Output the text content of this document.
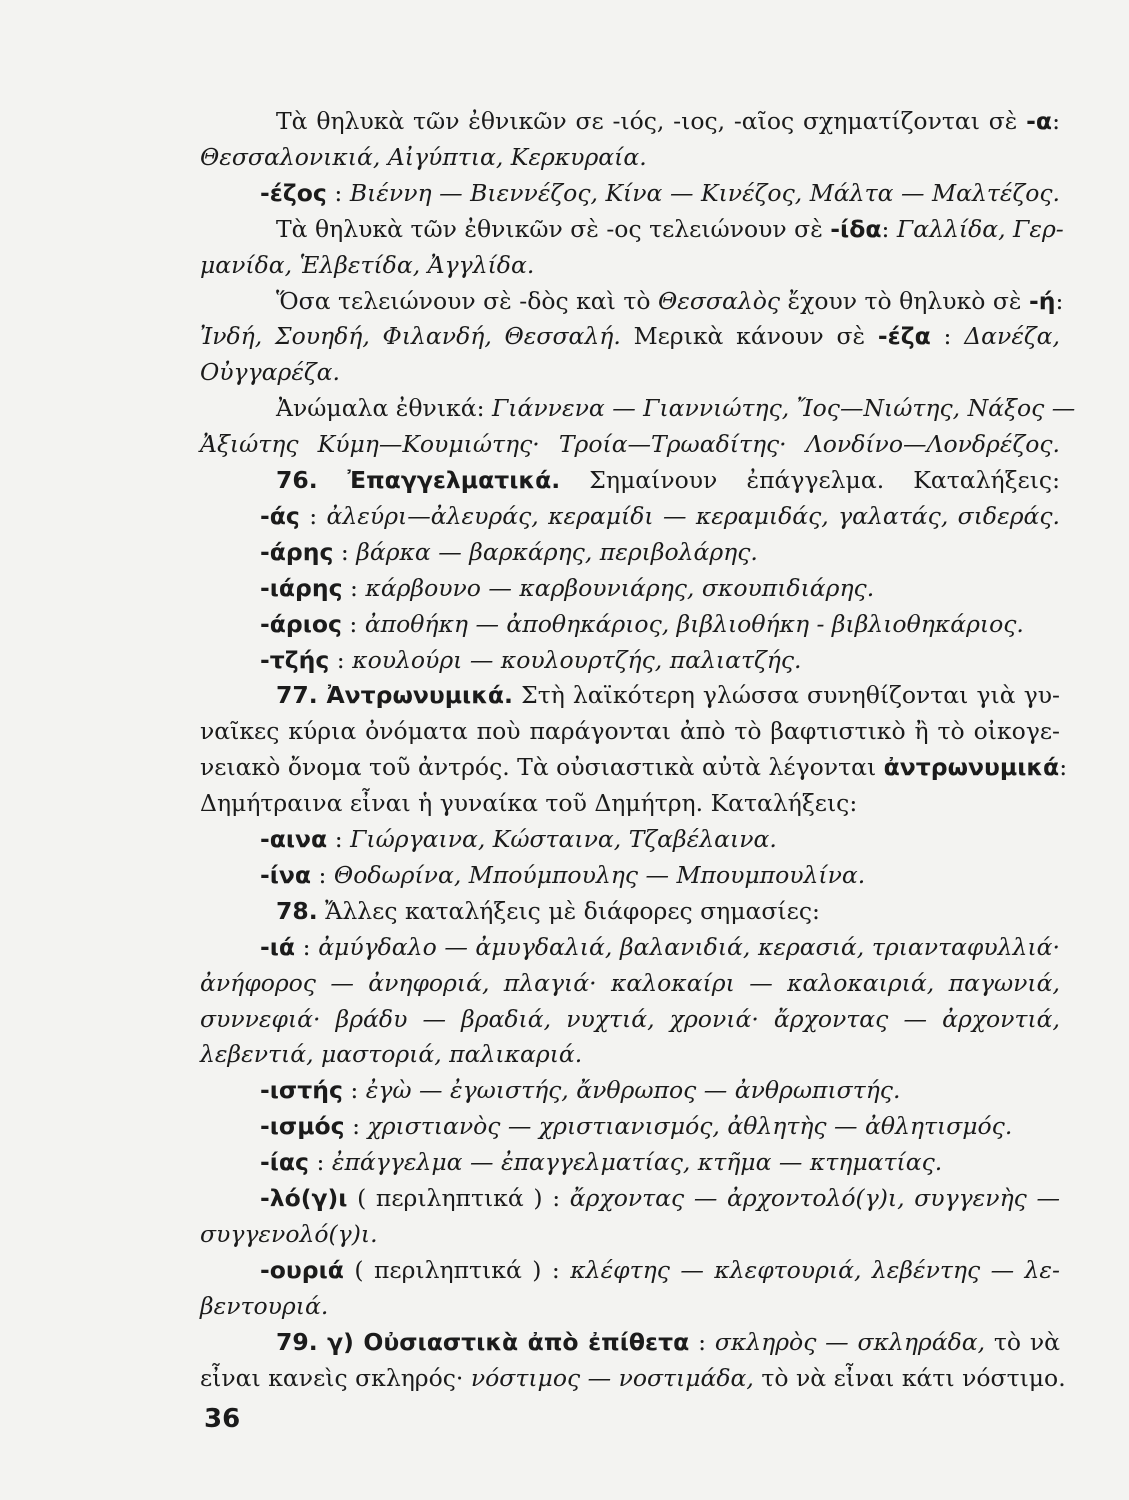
Τὰ θηλυκὰ τῶν ἐθνικῶν σε -ιός, -ιος, -αῖος σχηματίζονται σὲ -α:
Θεσσαλονικιά, Αἰγύπτια, Κερκυραία.
-έζος : Βιέννη — Βιεννέζος, Κίνα — Κινέζος, Μάλτα — Μαλτέζος.
Τὰ θηλυκὰ τῶν ἐθνικῶν σὲ -ος τελειώνουν σὲ -ίδα: Γαλλίδα, Γερ-
μανίδα, Ἑλβετίδα, Ἀγγλίδα.
Ὅσα τελειώνουν σὲ -δὸς καὶ τὸ Θεσσαλὸς ἔχουν τὸ θηλυκὸ σὲ -ή:
Ἰνδή, Σουηδή, Φιλανδή, Θεσσαλή. Μερικὰ κάνουν σὲ -έζα : Δανέζα,
Οὐγγαρέζα.
Ἀνώμαλα ἐθνικά: Γιάννενα — Γιαννιώτης, Ἴος—Νιώτης, Νάξος —
Ἀξιώτης Κύμη—Κουμιώτης· Τροία—Τρωαδίτης· Λονδίνο—Λονδρέζος.
76. Ἐπαγγελματικά. Σημαίνουν ἐπάγγελμα. Καταλήξεις:
-άς : ἀλεύρι—ἀλευράς, κεραμίδι — κεραμιδάς, γαλατάς, σιδεράς.
-άρης : βάρκα — βαρκάρης, περιβολάρης.
-ιάρης : κάρβουνο — καρβουνιάρης, σκουπιδιάρης.
-άριος : ἀποθήκη — ἀποθηκάριος, βιβλιοθήκη - βιβλιοθηκάριος.
-τζής : κουλούρι — κουλουρτζής, παλιατζής.
77. Ἀντρωνυμικά. Στὴ λαϊκότερη γλώσσα συνηθίζονται γιὰ γυ-
ναῖκες κύρια ὀνόματα ποὺ παράγονται ἀπὸ τὸ βαφτιστικὸ ἢ τὸ οἰκογε-
νειακὸ ὄνομα τοῦ ἀντρός. Τὰ οὐσιαστικὰ αὐτὰ λέγονται ἀντρωνυμικά:
Δημήτραινα εἶναι ἡ γυναίκα τοῦ Δημήτρη. Καταλήξεις:
-αινα : Γιώργαινα, Κώσταινα, Τζαβέλαινα.
-ίνα : Θοδωρίνα, Μπούμπουλης — Μπουμπουλίνα.
78. Ἄλλες καταλήξεις μὲ διάφορες σημασίες:
-ιά : ἀμύγδαλο — ἀμυγδαλιά, βαλανιδιά, κερασιά, τριανταφυλλιά·
ἀνήφορος — ἀνηφοριά, πλαγιά· καλοκαίρι — καλοκαιριά, παγωνιά,
συννεφιά· βράδυ — βραδιά, νυχτιά, χρονιά· ἄρχοντας — ἀρχοντιά,
λεβεντιά, μαστοριά, παλικαριά.
-ιστής : ἐγὼ — ἐγωιστής, ἄνθρωπος — ἀνθρωπιστής.
-ισμός : χριστιανὸς — χριστιανισμός, ἀθλητὴς — ἀθλητισμός.
-ίας : ἐπάγγελμα — ἐπαγγελματίας, κτῆμα — κτηματίας.
-λό(γ)ι ( περιληπτικά ) : ἄρχοντας — ἀρχοντολό(γ)ι, συγγενὴς —
συγγενολό(γ)ι.
-ουριά ( περιληπτικά ) : κλέφτης — κλεφτουριά, λεβέντης — λε-
βεντουριά.
79. γ) Οὐσιαστικὰ ἀπὸ ἐπίθετα : σκληρὸς — σκληράδα, τὸ νὰ
εἶναι κανεὶς σκληρός· νόστιμος — νοστιμάδα, τὸ νὰ εἶναι κάτι νόστιμο.
36
